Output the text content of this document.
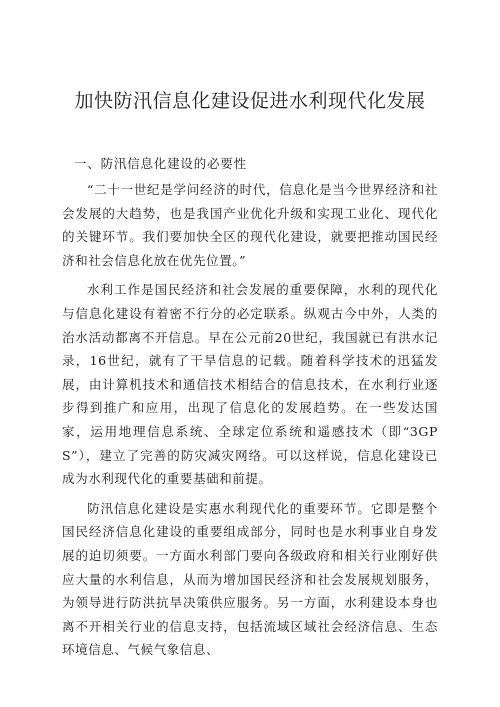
加快防汛信息化建设促进水利现代化发展
一、防汛信息化建设的必要性

“二十一世纪是学问经济的时代，信息化是当今世界经济和社会发展的大趋势，也是我国产业优化升级和实现工业化、现代化的关键环节。我们要加快全区的现代化建设，就要把推动国民经济和社会信息化放在优先位置。”

水利工作是国民经济和社会发展的重要保障，水利的现代化与信息化建设有着密不行分的必定联系。纵观古今中外，人类的治水活动都离不开信息。早在公元前20世纪，我国就已有洪水记录，16世纪，就有了干旱信息的记载。随着科学技术的迅猛发展，由计算机技术和通信技术相结合的信息技术，在水利行业逐步得到推广和应用，出现了信息化的发展趋势。在一些发达国家，运用地理信息系统、全球定位系统和遥感技术（即“3GPS”），建立了完善的防灾减灾网络。可以这样说，信息化建设已成为水利现代化的重要基础和前提。

防汛信息化建设是实惠水利现代化的重要环节。它即是整个国民经济信息化建设的重要组成部分，同时也是水利事业自身发展的迫切须要。一方面水利部门要向各级政府和相关行业刚好供应大量的水利信息，从而为增加国民经济和社会发展规划服务，为领导进行防洪抗旱决策供应服务。另一方面，水利建设本身也离不开相关行业的信息支持，包括流域区域社会经济信息、生态环境信息、气候气象信息、
